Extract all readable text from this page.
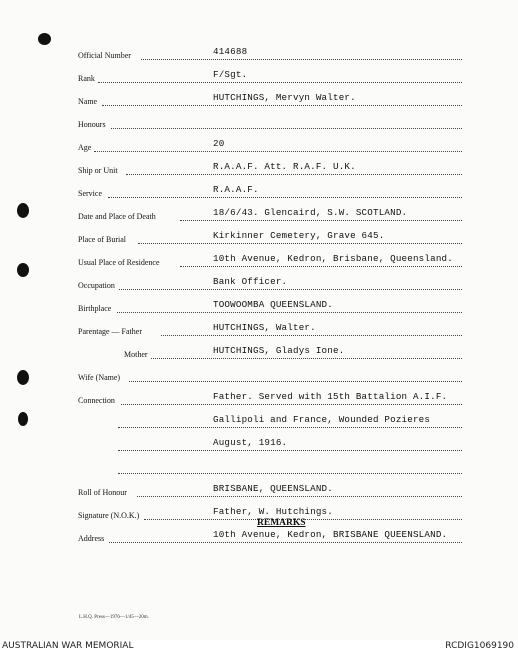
Official Number	414688
Rank	F/Sgt.
Name	HUTCHINGS, Mervyn Walter.
Honours
Age	20
Ship or Unit	R.A.A.F. Att. R.A.F. U.K.
Service	R.A.A.F.
Date and Place of Death	18/6/43. Glencaird, S.W. SCOTLAND.
Place of Burial	Kirkinner Cemetery, Grave 645.
Usual Place of Residence	10th Avenue, Kedron, Brisbane, Queensland.
Occupation	Bank Officer.
Birthplace	TOOWOOMBA QUEENSLAND.
Parentage — Father	HUTCHINGS, Walter.
Mother	HUTCHINGS, Gladys Ione.
Wife (Name)
Connection	Father. Served with 15th Battalion A.I.F.
Gallipoli and France, Wounded Pozieres
August, 1916.
Roll of Honour	BRISBANE, QUEENSLAND.
Signature (N.O.K.)	Father, W. Hutchings.
Address	10th Avenue, Kedron, BRISBANE QUEENSLAND.
REMARKS
L.H.Q. Press—1976—1/45—20m.
AUSTRALIAN WAR MEMORIAL	RCDIG1069190
